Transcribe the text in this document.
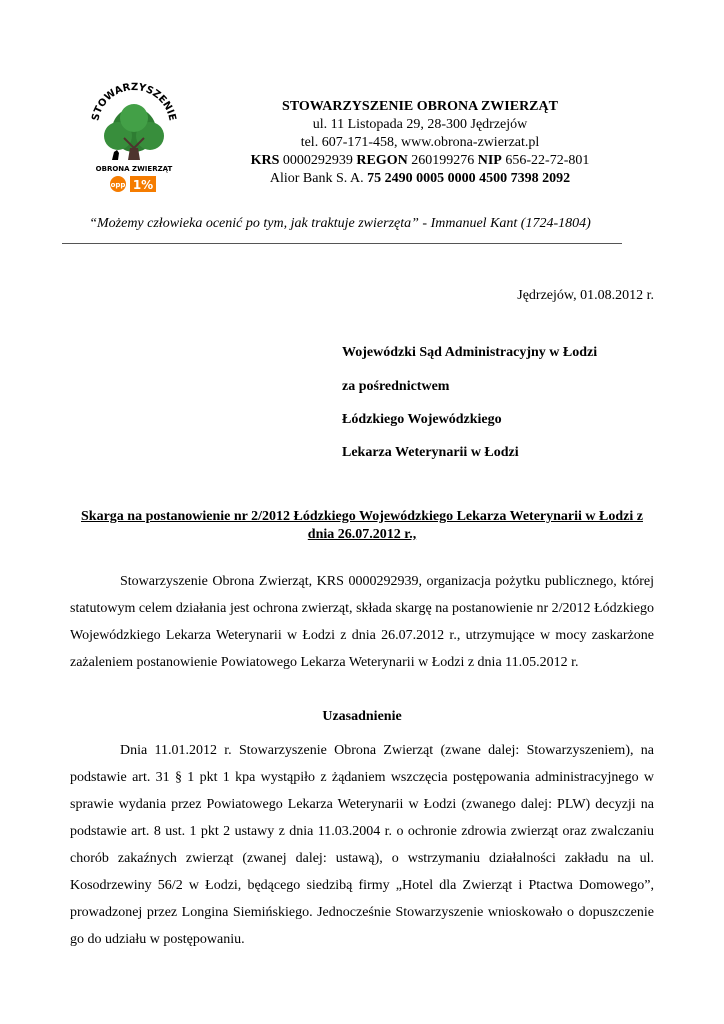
STOWARZYSZENIE
OBRONA ZWIERZĄT
opp 1%
STOWARZYSZENIE OBRONA ZWIERZĄT
ul. 11 Listopada 29, 28-300 Jędrzejów
tel. 607-171-458, www.obrona-zwierzat.pl
KRS 0000292939 REGON 260199276 NIP 656-22-72-801
Alior Bank S. A. 75 2490 0005 0000 4500 7398 2092
“Możemy człowieka ocenić po tym, jak traktuje zwierzęta” - Immanuel Kant (1724-1804)
Jędrzejów, 01.08.2012 r.
Wojewódzki Sąd Administracyjny w Łodzi
za pośrednictwem
Łódzkiego Wojewódzkiego
Lekarza Weterynarii w Łodzi
Skarga na postanowienie nr 2/2012 Łódzkiego Wojewódzkiego Lekarza Weterynarii w Łodzi z dnia 26.07.2012 r.,
Stowarzyszenie Obrona Zwierząt, KRS 0000292939, organizacja pożytku publicznego, której statutowym celem działania jest ochrona zwierząt, składa skargę na postanowienie nr 2/2012 Łódzkiego Wojewódzkiego Lekarza Weterynarii w Łodzi z dnia 26.07.2012 r., utrzymujące w mocy zaskarżone zażaleniem postanowienie Powiatowego Lekarza Weterynarii w Łodzi z dnia 11.05.2012 r.
Uzasadnienie
Dnia 11.01.2012 r. Stowarzyszenie Obrona Zwierząt (zwane dalej: Stowarzyszeniem), na podstawie art. 31 § 1 pkt 1 kpa wystąpiło z żądaniem wszczęcia postępowania administracyjnego w sprawie wydania przez Powiatowego Lekarza Weterynarii w Łodzi (zwanego dalej: PLW) decyzji na podstawie art. 8 ust. 1 pkt 2 ustawy z dnia 11.03.2004 r. o ochronie zdrowia zwierząt oraz zwalczaniu chorób zakaźnych zwierząt (zwanej dalej: ustawą), o wstrzymaniu działalności zakładu na ul. Kosodrzewiny 56/2 w Łodzi, będącego siedzibą firmy „Hotel dla Zwierząt i Ptactwa Domowego”, prowadzonej przez Longina Siemińskiego. Jednocześnie Stowarzyszenie wnioskowało o dopuszczenie go do udziału w postępowaniu.
